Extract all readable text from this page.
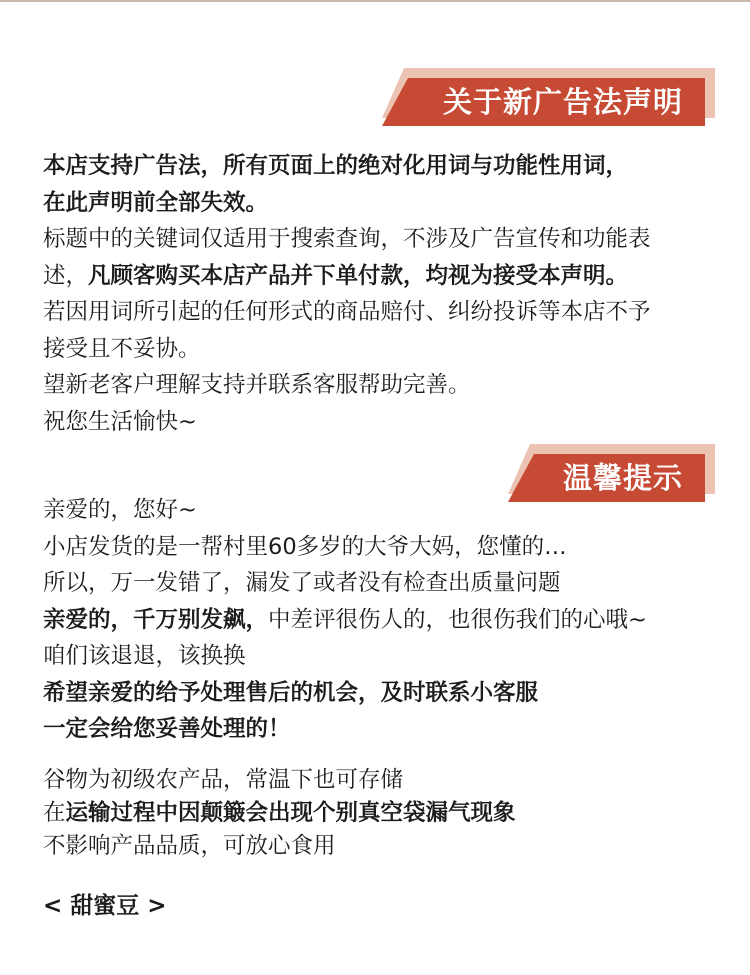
关于新广告法声明
本店支持广告法，所有页面上的绝对化用词与功能性用词，
在此声明前全部失效。
标题中的关键词仅适用于搜索查询，不涉及广告宣传和功能表
述，凡顾客购买本店产品并下单付款，均视为接受本声明。
若因用词所引起的任何形式的商品赔付、纠纷投诉等本店不予
接受且不妥协。
望新老客户理解支持并联系客服帮助完善。
祝您生活愉快~
温馨提示
亲爱的，您好~
小店发货的是一帮村里60多岁的大爷大妈，您懂的…
所以，万一发错了，漏发了或者没有检查出质量问题
亲爱的，千万别发飙，中差评很伤人的，也很伤我们的心哦~
咱们该退退，该换换
希望亲爱的给予处理售后的机会，及时联系小客服
一定会给您妥善处理的！
谷物为初级农产品，常温下也可存储
在运输过程中因颠簸会出现个别真空袋漏气现象
不影响产品品质，可放心食用
< 甜蜜豆 >
